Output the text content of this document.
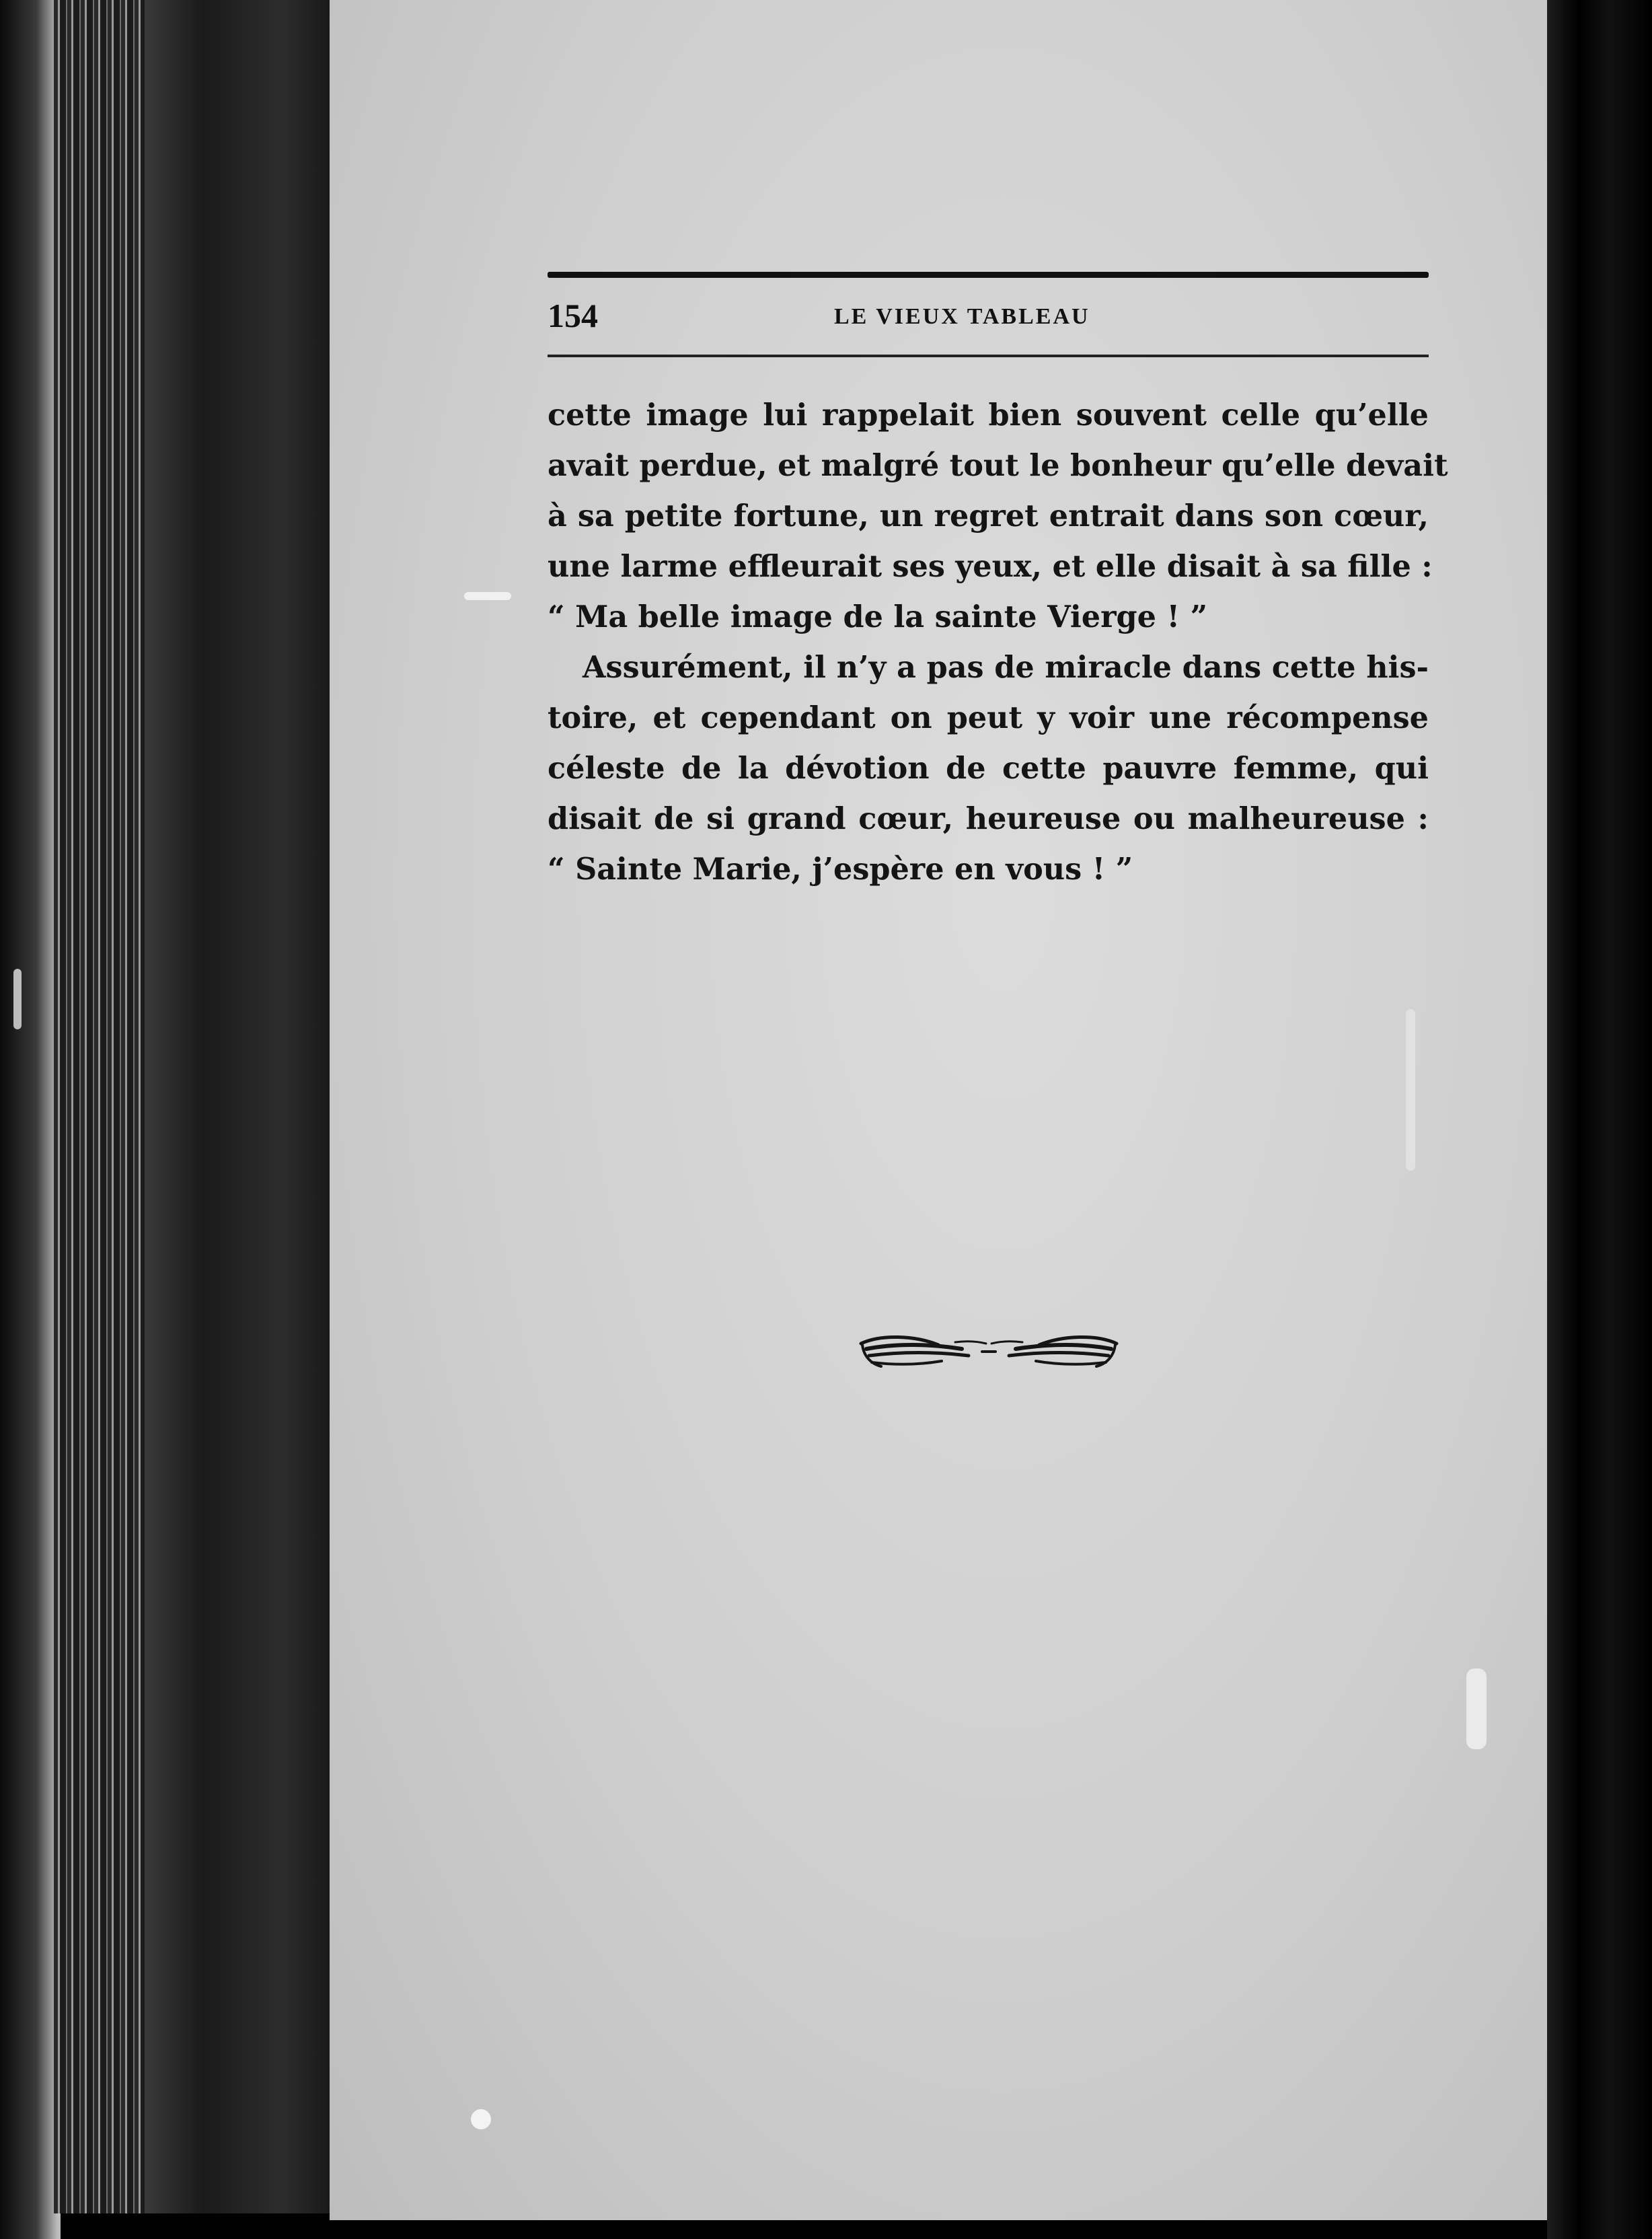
154	LE VIEUX TABLEAU
cette image lui rappelait bien souvent celle qu’elle
avait perdue, et malgré tout le bonheur qu’elle devait
à sa petite fortune, un regret entrait dans son cœur,
une larme effleurait ses yeux, et elle disait à sa fille :
“ Ma belle image de la sainte Vierge ! ”
Assurément, il n’y a pas de miracle dans cette his-
toire, et cependant on peut y voir une récompense
céleste de la dévotion de cette pauvre femme, qui
disait de si grand cœur, heureuse ou malheureuse :
“ Sainte Marie, j’espère en vous ! ”
